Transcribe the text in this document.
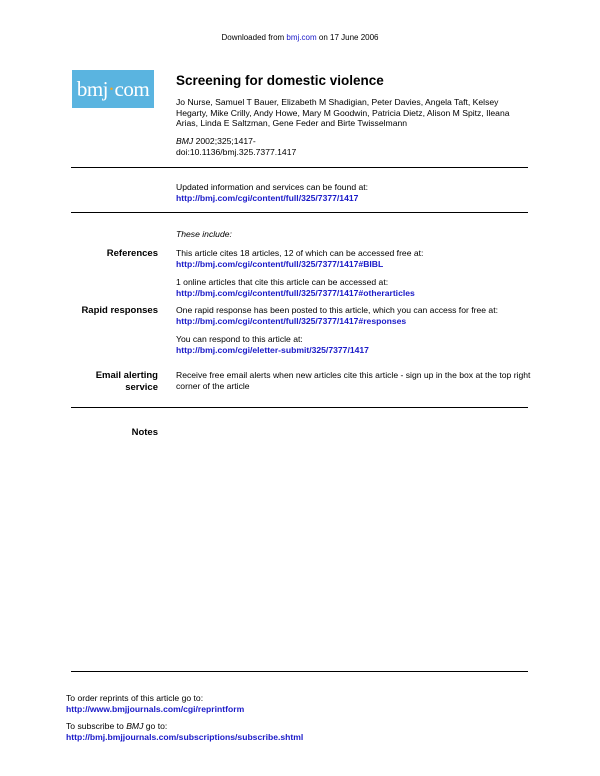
Downloaded from bmj.com on 17 June 2006
bmj·com	Screening for domestic violence
Jo Nurse, Samuel T Bauer, Elizabeth M Shadigian, Peter Davies, Angela Taft, Kelsey Hegarty, Mike Crilly, Andy Howe, Mary M Goodwin, Patricia Dietz, Alison M Spitz, Ileana Arias, Linda E Saltzman, Gene Feder and Birte Twisselmann
BMJ 2002;325;1417-
doi:10.1136/bmj.325.7377.1417
Updated information and services can be found at:
http://bmj.com/cgi/content/full/325/7377/1417
These include:
References This article cites 18 articles, 12 of which can be accessed free at:
http://bmj.com/cgi/content/full/325/7377/1417#BIBL
1 online articles that cite this article can be accessed at:
http://bmj.com/cgi/content/full/325/7377/1417#otherarticles
Rapid responses One rapid response has been posted to this article, which you can access for free at:
http://bmj.com/cgi/content/full/325/7377/1417#responses
You can respond to this article at:
http://bmj.com/cgi/eletter-submit/325/7377/1417
Email alerting
service
Receive free email alerts when new articles cite this article - sign up in the box at the top right corner of the article
Notes
To order reprints of this article go to:
http://www.bmjjournals.com/cgi/reprintform
To subscribe to BMJ go to:
http://bmj.bmjjournals.com/subscriptions/subscribe.shtml
